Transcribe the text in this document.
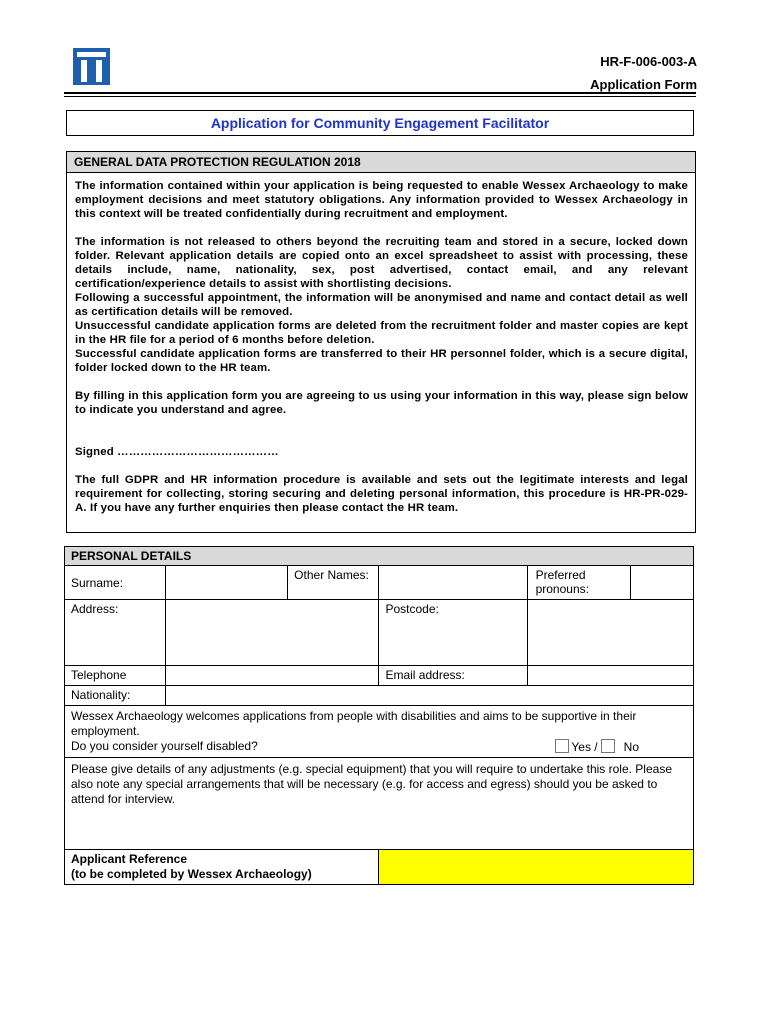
HR-F-006-003-A
Application Form
Application for Community Engagement Facilitator
GENERAL DATA PROTECTION REGULATION 2018

The information contained within your application is being requested to enable Wessex Archaeology to make employment decisions and meet statutory obligations. Any information provided to Wessex Archaeology in this context will be treated confidentially during recruitment and employment.

The information is not released to others beyond the recruiting team and stored in a secure, locked down folder. Relevant application details are copied onto an excel spreadsheet to assist with processing, these details include, name, nationality, sex, post advertised, contact email, and any relevant certification/experience details to assist with shortlisting decisions.

Following a successful appointment, the information will be anonymised and name and contact detail as well as certification details will be removed.

Unsuccessful candidate application forms are deleted from the recruitment folder and master copies are kept in the HR file for a period of 6 months before deletion.

Successful candidate application forms are transferred to their HR personnel folder, which is a secure digital, folder locked down to the HR team.

By filling in this application form you are agreeing to us using your information in this way, please sign below to indicate you understand and agree.

Signed ……………………………………

The full GDPR and HR information procedure is available and sets out the legitimate interests and legal requirement for collecting, storing securing and deleting personal information, this procedure is HR-PR-029-A. If you have any further enquiries then please contact the HR team.

PERSONAL DETAILS					
Surname:		Other Names:		Preferred pronouns:	
Address:			Postcode:		
Telephone			Email address:		
Nationality:					

Wessex Archaeology welcomes applications from people with disabilities and aims to be supportive in their employment.
Do you consider yourself disabled? Yes / No					

Please give details of any adjustments (e.g. special equipment) that you will require to undertake this role. Please also note any special arrangements that will be necessary (e.g. for access and egress) should you be asked to attend for interview.					

Applicant Reference
(to be completed by Wessex Archaeology)					
